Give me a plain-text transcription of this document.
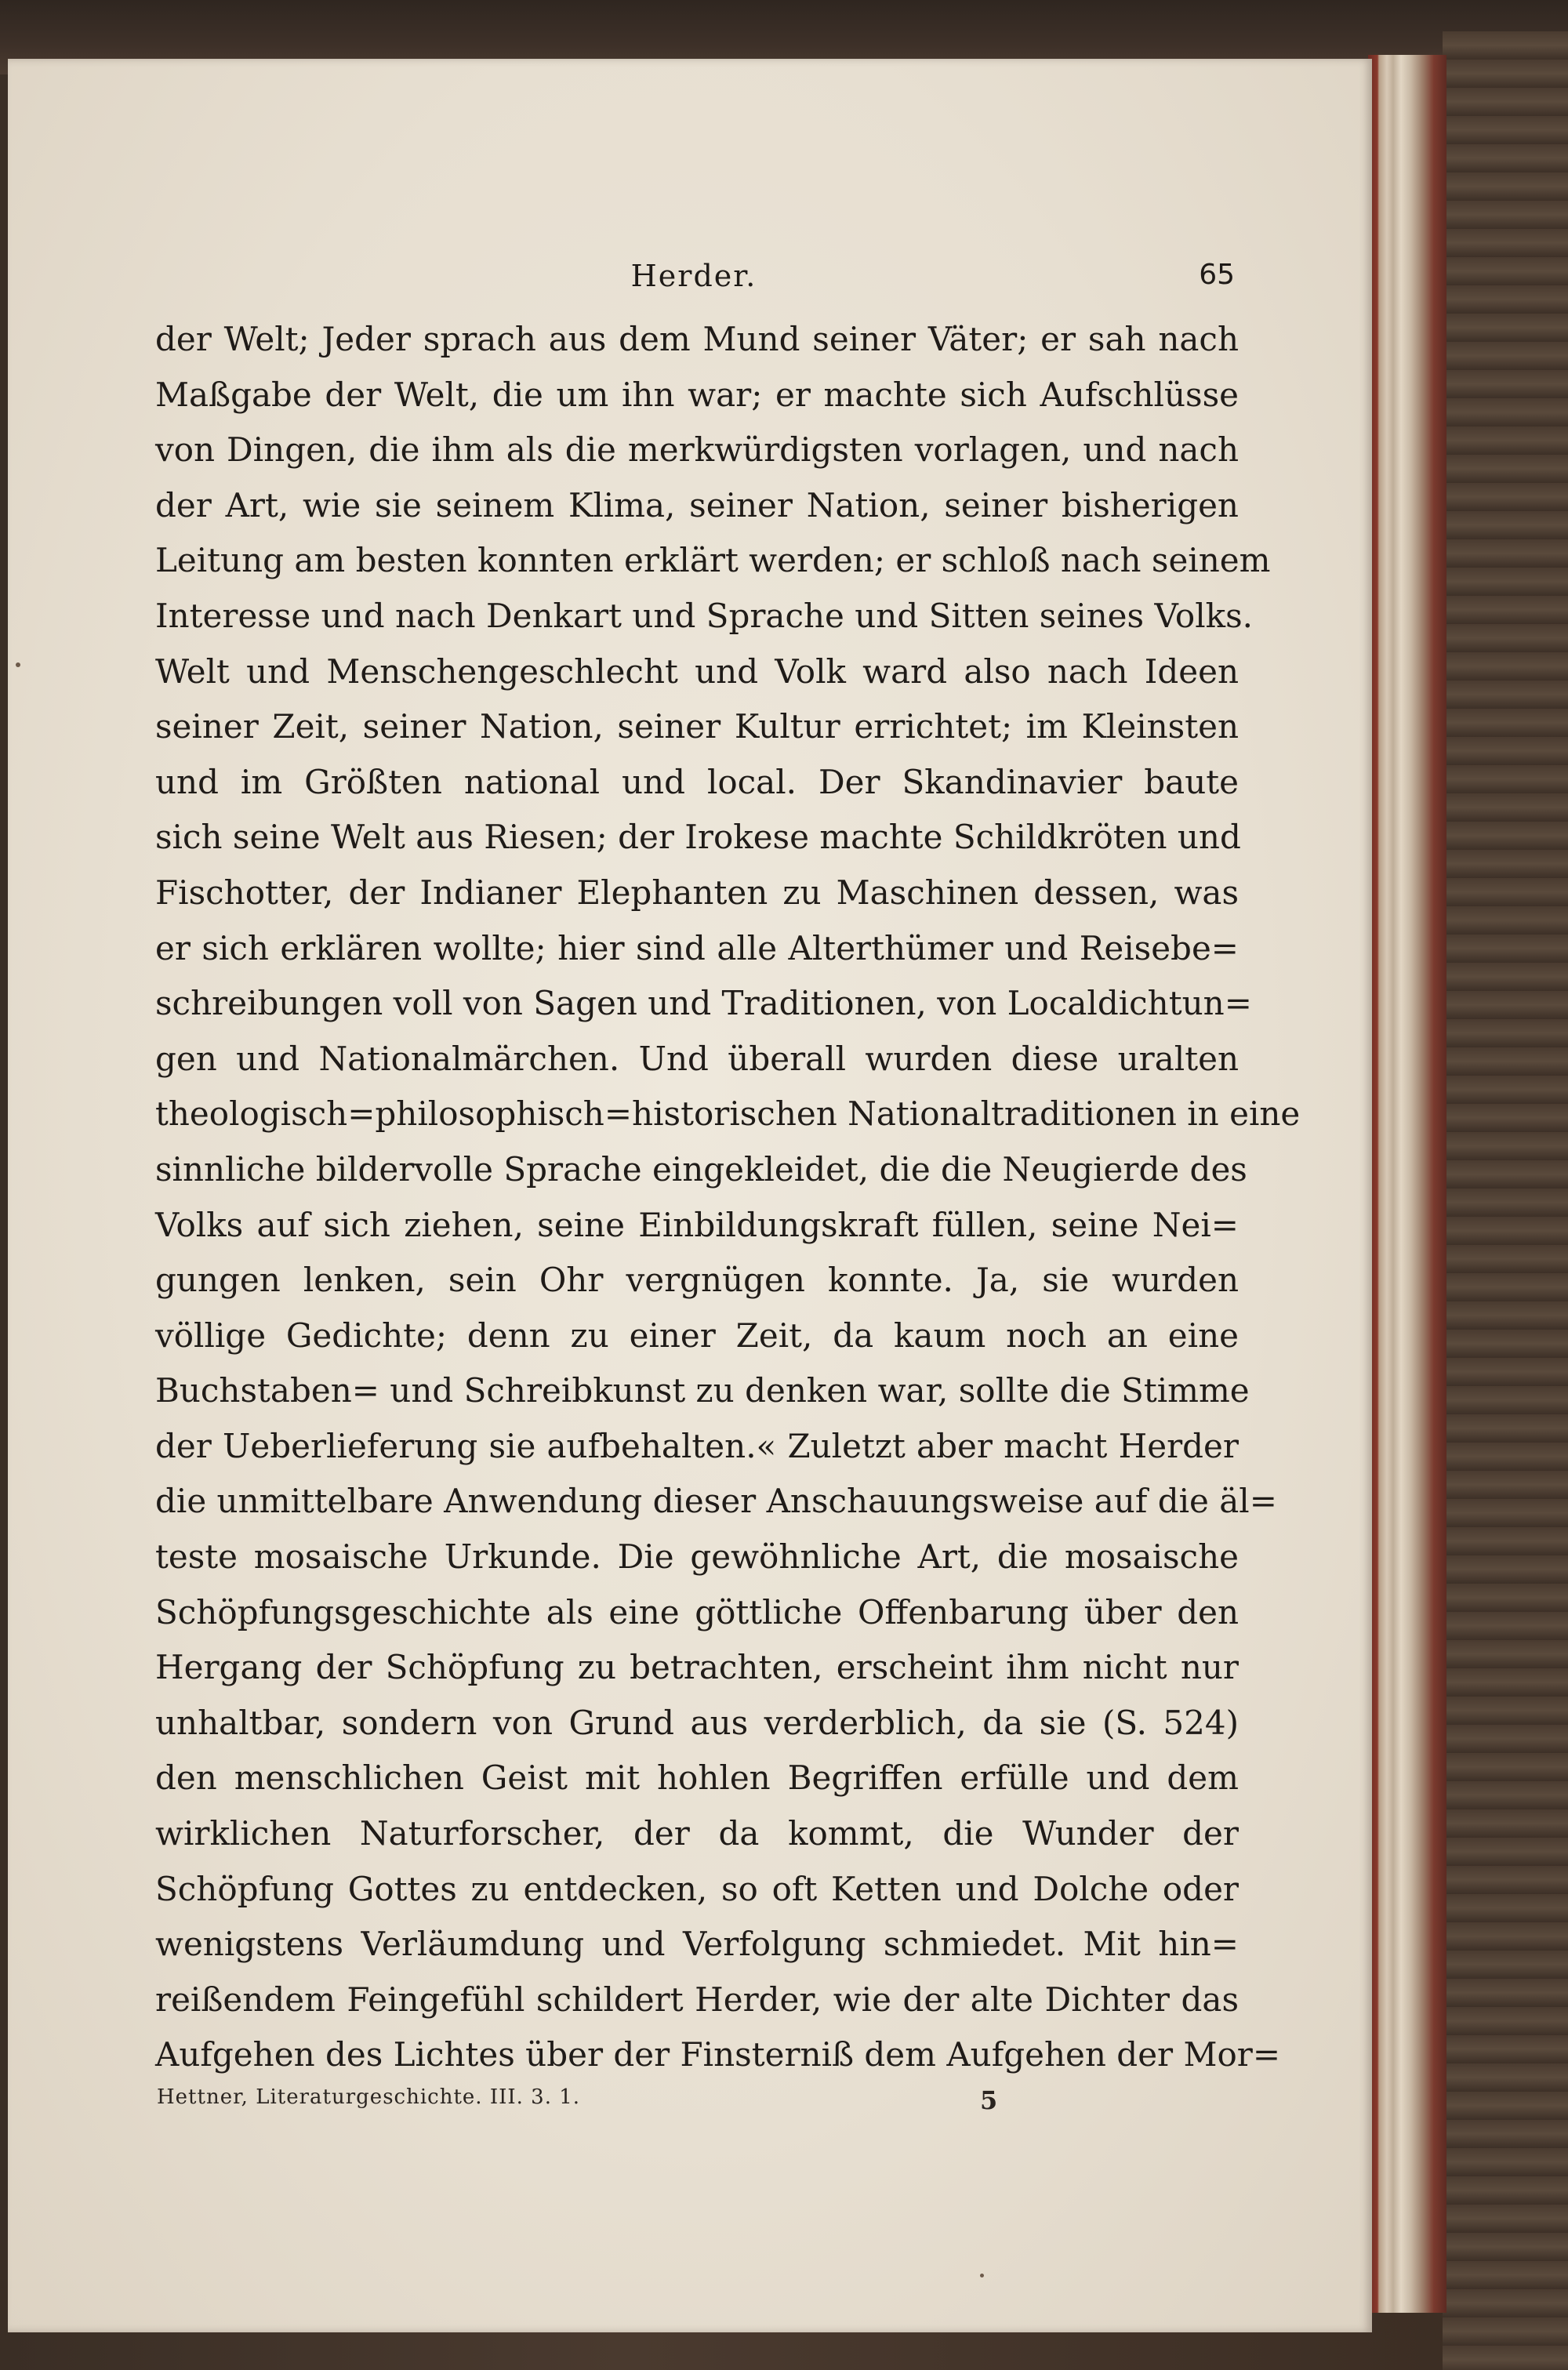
Herder.	65
der Welt; Jeder sprach aus dem Mund seiner Väter; er sah nach
Maßgabe der Welt, die um ihn war; er machte sich Aufschlüsse
von Dingen, die ihm als die merkwürdigsten vorlagen, und nach
der Art, wie sie seinem Klima, seiner Nation, seiner bisherigen
Leitung am besten konnten erklärt werden; er schloß nach seinem
Interesse und nach Denkart und Sprache und Sitten seines Volks.
Welt und Menschengeschlecht und Volk ward also nach Ideen
seiner Zeit, seiner Nation, seiner Kultur errichtet; im Kleinsten
und im Größten national und local. Der Skandinavier baute
sich seine Welt aus Riesen; der Irokese machte Schildkröten und
Fischotter, der Indianer Elephanten zu Maschinen dessen, was
er sich erklären wollte; hier sind alle Alterthümer und Reisebe=
schreibungen voll von Sagen und Traditionen, von Localdichtun=
gen und Nationalmärchen. Und überall wurden diese uralten
theologisch=philosophisch=historischen Nationaltraditionen in eine
sinnliche bildervolle Sprache eingekleidet, die die Neugierde des
Volks auf sich ziehen, seine Einbildungskraft füllen, seine Nei=
gungen lenken, sein Ohr vergnügen konnte. Ja, sie wurden
völlige Gedichte; denn zu einer Zeit, da kaum noch an eine
Buchstaben= und Schreibkunst zu denken war, sollte die Stimme
der Ueberlieferung sie aufbehalten.« Zuletzt aber macht Herder
die unmittelbare Anwendung dieser Anschauungsweise auf die äl=
teste mosaische Urkunde. Die gewöhnliche Art, die mosaische
Schöpfungsgeschichte als eine göttliche Offenbarung über den
Hergang der Schöpfung zu betrachten, erscheint ihm nicht nur
unhaltbar, sondern von Grund aus verderblich, da sie (S. 524)
den menschlichen Geist mit hohlen Begriffen erfülle und dem
wirklichen Naturforscher, der da kommt, die Wunder der
Schöpfung Gottes zu entdecken, so oft Ketten und Dolche oder
wenigstens Verläumdung und Verfolgung schmiedet. Mit hin=
reißendem Feingefühl schildert Herder, wie der alte Dichter das
Aufgehen des Lichtes über der Finsterniß dem Aufgehen der Mor=
Hettner, Literaturgeschichte. III. 3. 1.	5
